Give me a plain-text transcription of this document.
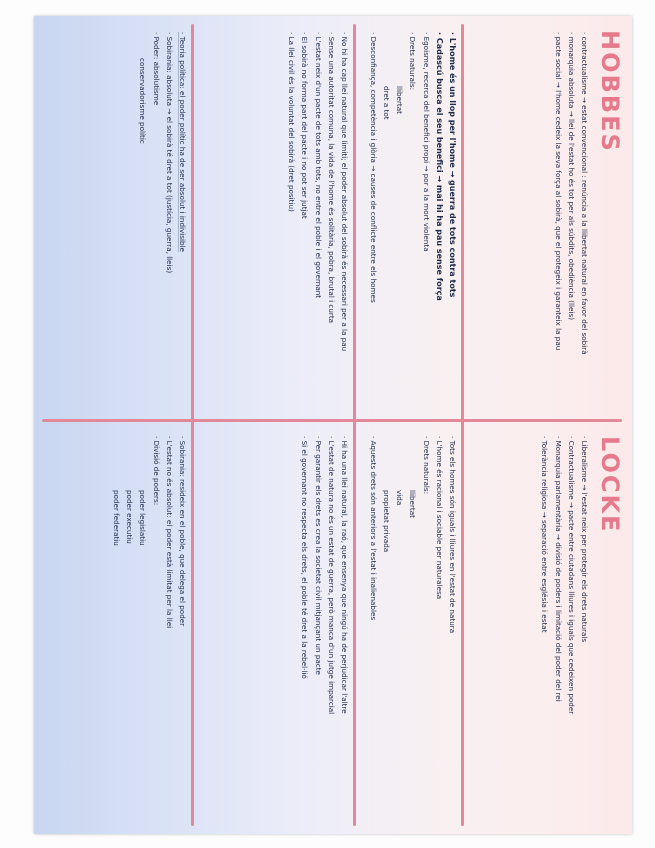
HOBBES
LOCKE

· contractualisme → estat convencional : renúncia a la llibertat natural en favor del sobirà

· monarquia absoluta → llei de l'estat ho és tot per als súbdits, obediència (lleis)

· pacte social → l'home cedeix la seva força al sobirà, que el protegeix i garanteix la pau

· L'home és un llop per l'home → guerra de tots contra tots

· Cadascú busca el seu benefici → mai hi ha pau sense força

· Egoisme, recerca del benefici propi → por a la mort violenta

· Drets naturals:

llibertat

dret a tot

· Desconfiança, competència i glòria → causes de conflicte entre els homes

· No hi ha cap llei natural que limiti; el poder absolut del sobirà és necessari per a la pau

· Sense una autoritat comuna, la vida de l'home és solitària, pobra, brutal i curta

· L'estat neix d'un pacte de tots amb tots, no entre el poble i el governant

· El sobirà no forma part del pacte i no pot ser jutjat

· La llei civil és la voluntat del sobirà (dret positiu)

· Teoria política: el poder polític ha de ser absolut i indivisible

· Sobirania: absoluta → el sobirà té dret a tot (justícia, guerra, lleis)

· Poder: absolutisme

conservadorisme polític

· Liberalisme → l'estat neix per protegir els drets naturals

· Contractualisme → pacte entre ciutadans lliures i iguals que cedeixen poder

· Monarquia parlamentària → divisió de poders i limitació del poder del rei

· Tolerància religiosa → separació entre església i estat

· Tots els homes són iguals i lliures en l'estat de natura

· L'home és racional i sociable per naturalesa

· Drets naturals:

llibertat

vida

propietat privada

· Aquests drets són anteriors a l'estat i inalienables

· Hi ha una llei natural, la raó, que ensenya que ningú ha de perjudicar l'altre

· L'estat de natura no és un estat de guerra, però manca d'un jutge imparcial

· Per garantir els drets es crea la societat civil mitjançant un pacte

· Si el governant no respecta els drets, el poble té dret a la rebel·lió

· Sobirania: resideix en el poble, que delega el poder

· L'estat no és absolut: el poder està limitat per la llei

· Divisió de poders:

poder legislatiu

poder executiu

poder federatiu
